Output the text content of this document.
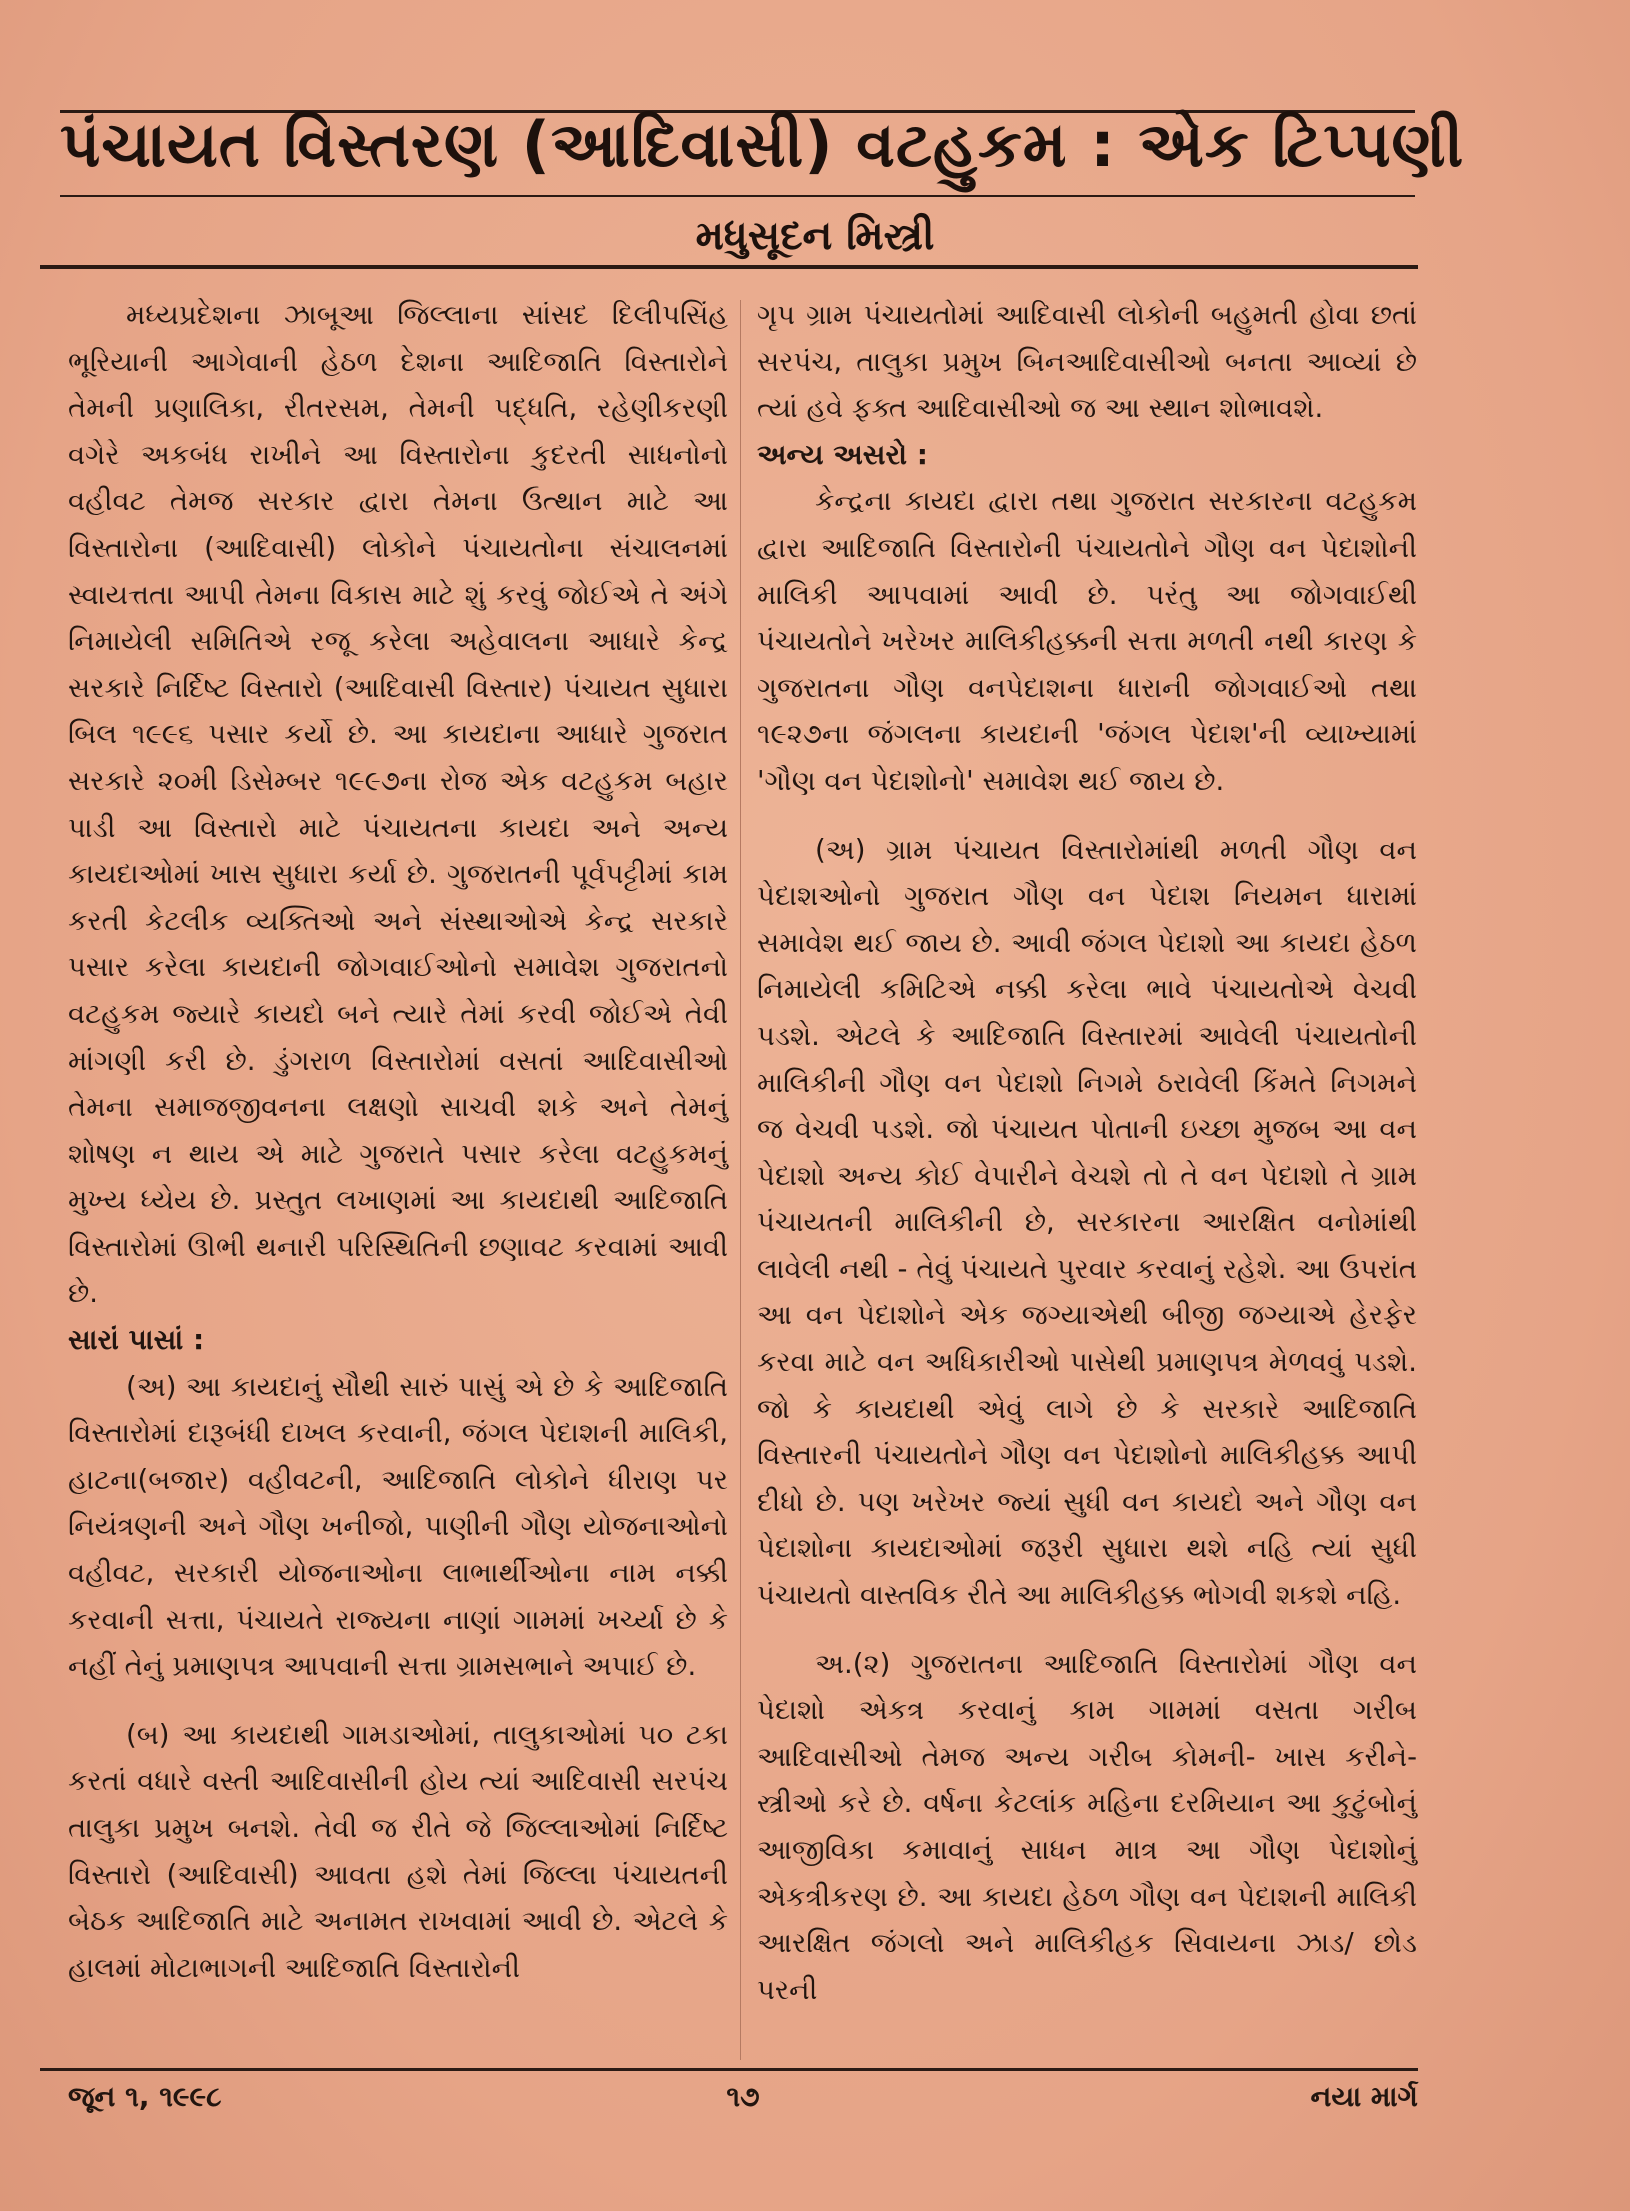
પંચાયત વિસ્તરણ (આદિવાસી) વટહુકમ : એક ટિપ્પણી
મધુસૂદન મિસ્ત્રી

મધ્યપ્રદેશના ઝાબૂઆ જિલ્લાના સાંસદ દિલીપસિંહ ભૂરિયાની આગેવાની હેઠળ દેશના આદિજાતિ વિસ્તારોને તેમની પ્રણાલિકા, રીતરસમ, તેમની પદ્ધતિ, રહેણીકરણી વગેરે અકબંધ રાખીને આ વિસ્તારોના કુદરતી સાધનોનો વહીવટ તેમજ સરકાર દ્વારા તેમના ઉત્થાન માટે આ વિસ્તારોના (આદિવાસી) લોકોને પંચાયતોના સંચાલનમાં સ્વાયત્તતા આપી તેમના વિકાસ માટે શું કરવું જોઈએ તે અંગે નિમાયેલી સમિતિએ રજૂ કરેલા અહેવાલના આધારે કેન્દ્ર સરકારે નિર્દિષ્ટ વિસ્તારો (આદિવાસી વિસ્તાર) પંચાયત સુધારા બિલ ૧૯૯૬ પસાર કર્યો છે. આ કાયદાના આધારે ગુજરાત સરકારે ૨૦મી ડિસેમ્બર ૧૯૯૭ના રોજ એક વટહુકમ બહાર પાડી આ વિસ્તારો માટે પંચાયતના કાયદા અને અન્ય કાયદાઓમાં ખાસ સુધારા કર્યા છે. ગુજરાતની પૂર્વપટ્ટીમાં કામ કરતી કેટલીક વ્યક્તિઓ અને સંસ્થાઓએ કેન્દ્ર સરકારે પસાર કરેલા કાયદાની જોગવાઈઓનો સમાવેશ ગુજરાતનો વટહુકમ જ્યારે કાયદો બને ત્યારે તેમાં કરવી જોઈએ તેવી માંગણી કરી છે. ડુંગરાળ વિસ્તારોમાં વસતાં આદિવાસીઓ તેમના સમાજજીવનના લક્ષણો સાચવી શકે અને તેમનું શોષણ ન થાય એ માટે ગુજરાતે પસાર કરેલા વટહુકમનું મુખ્ય ધ્યેય છે. પ્રસ્તુત લખાણમાં આ કાયદાથી આદિજાતિ વિસ્તારોમાં ઊભી થનારી પરિસ્થિતિની છણાવટ કરવામાં આવી છે.

સારાં પાસાં :

(અ) આ કાયદાનું સૌથી સારું પાસું એ છે કે આદિજાતિ વિસ્તારોમાં દારૂબંધી દાખલ કરવાની, જંગલ પેદાશની માલિકી, હાટના(બજાર) વહીવટની, આદિજાતિ લોકોને ધીરાણ પર નિયંત્રણની અને ગૌણ ખનીજો, પાણીની ગૌણ યોજનાઓનો વહીવટ, સરકારી યોજનાઓના લાભાર્થીઓના નામ નક્કી કરવાની સત્તા, પંચાયતે રાજ્યના નાણાં ગામમાં ખર્ચ્યા છે કે નહીં તેનું પ્રમાણપત્ર આપવાની સત્તા ગ્રામસભાને અપાઈ છે.

(બ) આ કાયદાથી ગામડાઓમાં, તાલુકાઓમાં ૫૦ ટકા કરતાં વધારે વસ્તી આદિવાસીની હોય ત્યાં આદિવાસી સરપંચ તાલુકા પ્રમુખ બનશે. તેવી જ રીતે જે જિલ્લાઓમાં નિર્દિષ્ટ વિસ્તારો (આદિવાસી) આવતા હશે તેમાં જિલ્લા પંચાયતની બેઠક આદિજાતિ માટે અનામત રાખવામાં આવી છે. એટલે કે હાલમાં મોટાભાગની આદિજાતિ વિસ્તારોની

ગૃપ ગ્રામ પંચાયતોમાં આદિવાસી લોકોની બહુમતી હોવા છતાં સરપંચ, તાલુકા પ્રમુખ બિનઆદિવાસીઓ બનતા આવ્યાં છે ત્યાં હવે ફક્ત આદિવાસીઓ જ આ સ્થાન શોભાવશે.

અન્ય અસરો :

કેન્દ્રના કાયદા દ્વારા તથા ગુજરાત સરકારના વટહુકમ દ્વારા આદિજાતિ વિસ્તારોની પંચાયતોને ગૌણ વન પેદાશોની માલિકી આપવામાં આવી છે. પરંતુ આ જોગવાઈથી પંચાયતોને ખરેખર માલિકીહક્કની સત્તા મળતી નથી કારણ કે ગુજરાતના ગૌણ વનપેદાશના ધારાની જોગવાઈઓ તથા ૧૯૨૭ના જંગલના કાયદાની 'જંગલ પેદાશ'ની વ્યાખ્યામાં 'ગૌણ વન પેદાશોનો' સમાવેશ થઈ જાય છે.

(અ) ગ્રામ પંચાયત વિસ્તારોમાંથી મળતી ગૌણ વન પેદાશઓનો ગુજરાત ગૌણ વન પેદાશ નિયમન ધારામાં સમાવેશ થઈ જાય છે. આવી જંગલ પેદાશો આ કાયદા હેઠળ નિમાયેલી કમિટિએ નક્કી કરેલા ભાવે પંચાયતોએ વેચવી પડશે. એટલે કે આદિજાતિ વિસ્તારમાં આવેલી પંચાયતોની માલિકીની ગૌણ વન પેદાશો નિગમે ઠરાવેલી કિંમતે નિગમને જ વેચવી પડશે. જો પંચાયત પોતાની ઇચ્છા મુજબ આ વન પેદાશો અન્ય કોઈ વેપારીને વેચશે તો તે વન પેદાશો તે ગ્રામ પંચાયતની માલિકીની છે, સરકારના આરક્ષિત વનોમાંથી લાવેલી નથી - તેવું પંચાયતે પુરવાર કરવાનું રહેશે. આ ઉપરાંત આ વન પેદાશોને એક જગ્યાએથી બીજી જગ્યાએ હેરફેર કરવા માટે વન અધિકારીઓ પાસેથી પ્રમાણપત્ર મેળવવું પડશે. જો કે કાયદાથી એવું લાગે છે કે સરકારે આદિજાતિ વિસ્તારની પંચાયતોને ગૌણ વન પેદાશોનો માલિકીહક્ક આપી દીધો છે. પણ ખરેખર જ્યાં સુધી વન કાયદો અને ગૌણ વન પેદાશોના કાયદાઓમાં જરૂરી સુધારા થશે નહિ ત્યાં સુધી પંચાયતો વાસ્તવિક રીતે આ માલિકીહક્ક ભોગવી શકશે નહિ.

અ.(૨) ગુજરાતના આદિજાતિ વિસ્તારોમાં ગૌણ વન પેદાશો એકત્ર કરવાનું કામ ગામમાં વસતા ગરીબ આદિવાસીઓ તેમજ અન્ય ગરીબ કોમની- ખાસ કરીને- સ્ત્રીઓ કરે છે. વર્ષના કેટલાંક મહિના દરમિયાન આ કુટુંબોનું આજીવિકા કમાવાનું સાધન માત્ર આ ગૌણ પેદાશોનું એકત્રીકરણ છે. આ કાયદા હેઠળ ગૌણ વન પેદાશની માલિકી આરક્ષિત જંગલો અને માલિકીહક સિવાયના ઝાડ/ છોડ પરની

જૂન ૧, ૧૯૯૮	૧૭	નયા માર્ગ
